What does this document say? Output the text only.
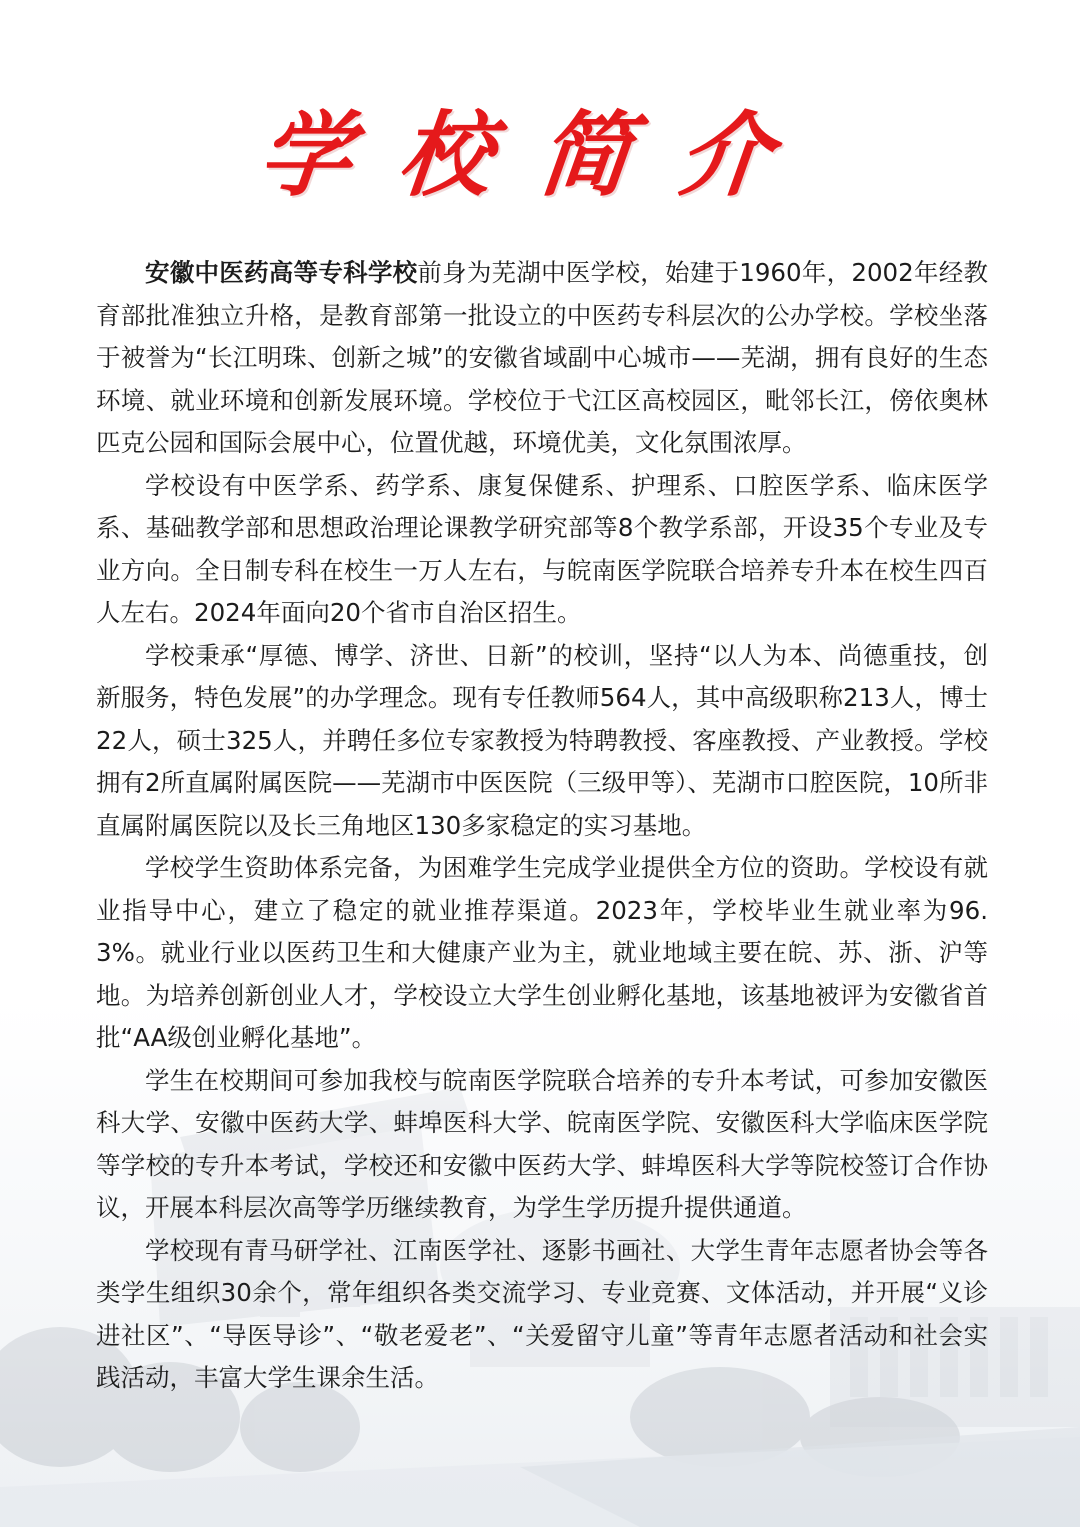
学校简介

安徽中医药高等专科学校前身为芜湖中医学校，始建于1960年，2002年经教育部批准独立升格，是教育部第一批设立的中医药专科层次的公办学校。学校坐落于被誉为“长江明珠、创新之城”的安徽省域副中心城市——芜湖，拥有良好的生态环境、就业环境和创新发展环境。学校位于弋江区高校园区，毗邻长江，傍依奥林匹克公园和国际会展中心，位置优越，环境优美，文化氛围浓厚。

学校设有中医学系、药学系、康复保健系、护理系、口腔医学系、临床医学系、基础教学部和思想政治理论课教学研究部等8个教学系部，开设35个专业及专业方向。全日制专科在校生一万人左右，与皖南医学院联合培养专升本在校生四百人左右。2024年面向20个省市自治区招生。

学校秉承“厚德、博学、济世、日新”的校训，坚持“以人为本、尚德重技，创新服务，特色发展”的办学理念。现有专任教师564人，其中高级职称213人，博士22人，硕士325人，并聘任多位专家教授为特聘教授、客座教授、产业教授。学校拥有2所直属附属医院——芜湖市中医医院（三级甲等）、芜湖市口腔医院，10所非直属附属医院以及长三角地区130多家稳定的实习基地。

学校学生资助体系完备，为困难学生完成学业提供全方位的资助。学校设有就业指导中心，建立了稳定的就业推荐渠道。2023年，学校毕业生就业率为96.3%。就业行业以医药卫生和大健康产业为主，就业地域主要在皖、苏、浙、沪等地。为培养创新创业人才，学校设立大学生创业孵化基地，该基地被评为安徽省首批“AA级创业孵化基地”。

学生在校期间可参加我校与皖南医学院联合培养的专升本考试，可参加安徽医科大学、安徽中医药大学、蚌埠医科大学、皖南医学院、安徽医科大学临床医学院等学校的专升本考试，学校还和安徽中医药大学、蚌埠医科大学等院校签订合作协议，开展本科层次高等学历继续教育，为学生学历提升提供通道。

学校现有青马研学社、江南医学社、逐影书画社、大学生青年志愿者协会等各类学生组织30余个，常年组织各类交流学习、专业竞赛、文体活动，并开展“义诊进社区”、“导医导诊”、“敬老爱老”、“关爱留守儿童”等青年志愿者活动和社会实践活动，丰富大学生课余生活。
